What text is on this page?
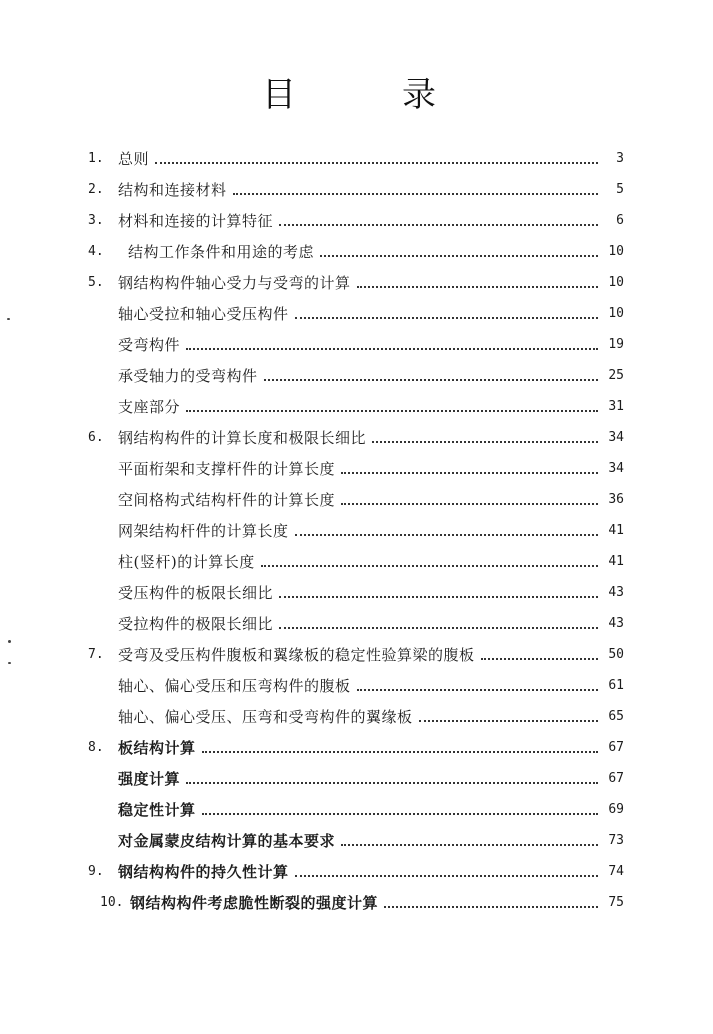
目	录
1. 总则	3
2. 结构和连接材料	5
3. 材料和连接的计算特征	6
4.	结构工作条件和用途的考虑	10
5. 钢结构构件轴心受力与受弯的计算	10
轴心受拉和轴心受压构件	10
受弯构件	19
承受轴力的受弯构件	25
支座部分	31
6. 钢结构构件的计算长度和极限长细比	34
平面桁架和支撑杆件的计算长度	34
空间格构式结构杆件的计算长度	36
网架结构杆件的计算长度	41
柱(竖杆)的计算长度	41
受压构件的板限长细比	43
受拉构件的极限长细比	43
7. 受弯及受压构件腹板和翼缘板的稳定性验算梁的腹板	50
轴心、偏心受压和压弯构件的腹板	61
轴心、偏心受压、压弯和受弯构件的翼缘板	65
8. 板结构计算	67
强度计算	67
稳定性计算	69
对金属蒙皮结构计算的基本要求	73
9. 钢结构构件的持久性计算	74
10. 钢结构构件考虑脆性断裂的强度计算	75
